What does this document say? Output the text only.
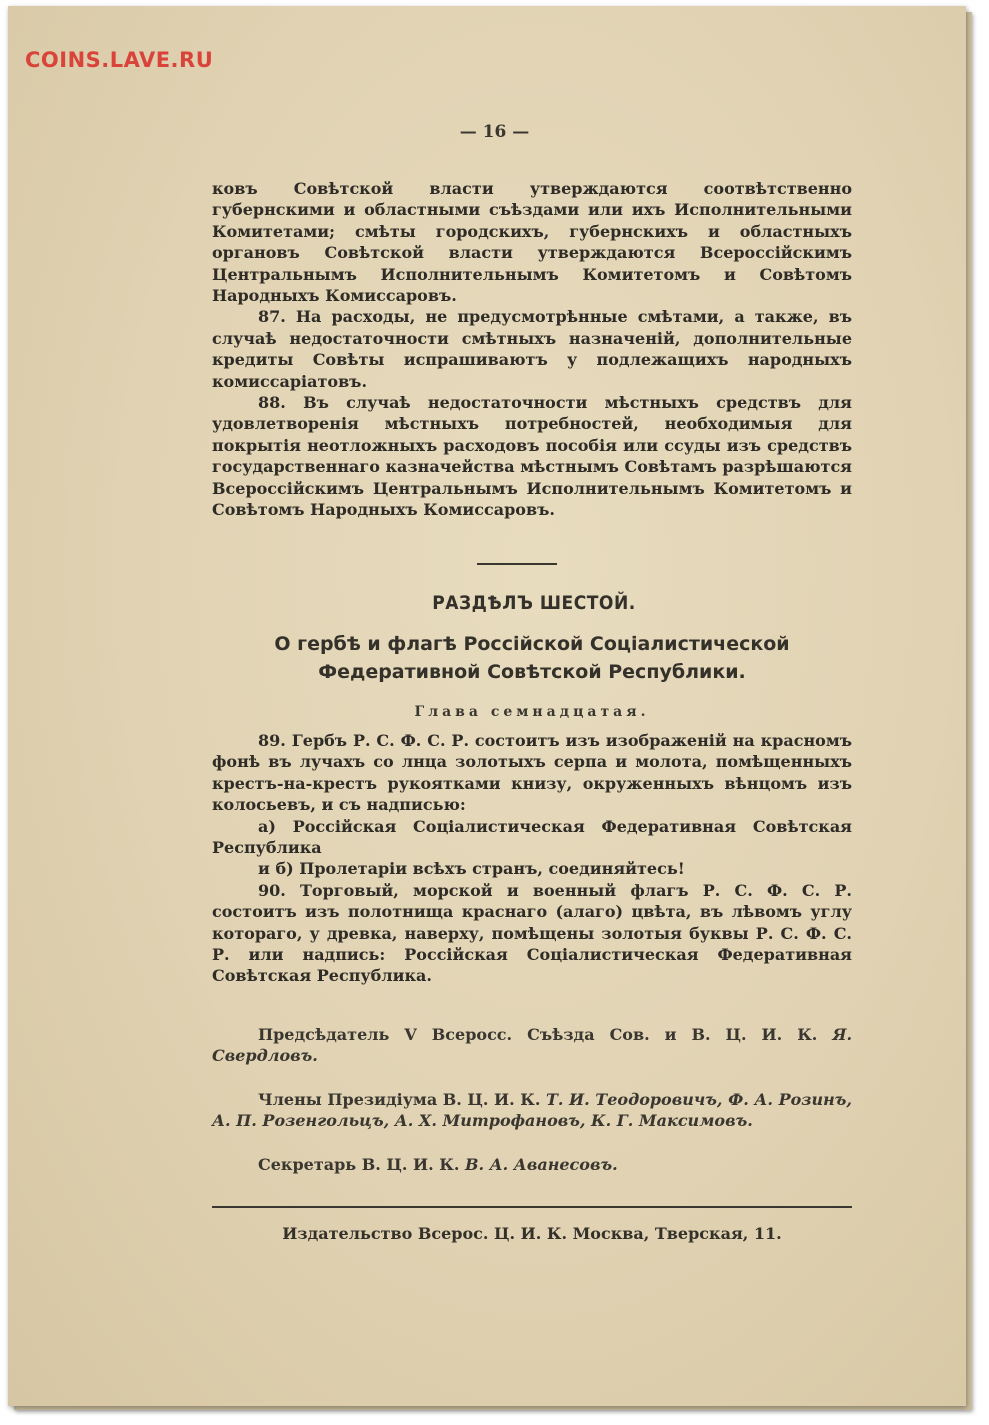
COINS.LAVE.RU
— 16 —

ковъ Совѣтской власти утверждаются соотвѣтственно губернскими и областными съѣздами или ихъ Исполнительными Комитетами; смѣты городскихъ, губернскихъ и областныхъ органовъ Совѣтской власти утверждаются Всероссійскимъ Центральнымъ Исполнительнымъ Комитетомъ и Совѣтомъ Народныхъ Комиссаровъ.

87. На расходы, не предусмотрѣнные смѣтами, а также, въ случаѣ недостаточности смѣтныхъ назначеній, дополнительные кредиты Совѣты испрашиваютъ у подлежащихъ народныхъ комиссаріатовъ.

88. Въ случаѣ недостаточности мѣстныхъ средствъ для удовлетворенія мѣстныхъ потребностей, необходимыя для покрытія неотложныхъ расходовъ пособія или ссуды изъ средствъ государственнаго казначейства мѣстнымъ Совѣтамъ разрѣшаются Всероссійскимъ Центральнымъ Исполнительнымъ Комитетомъ и Совѣтомъ Народныхъ Комиссаровъ.

РАЗДѢЛЪ ШЕСТОЙ.
О гербѣ и флагѣ Россійской Соціалистической Федеративной Совѣтской Республики.
Глава семнадцатая.

89. Гербъ Р. С. Ф. С. Р. состоитъ изъ изображеній на красномъ фонѣ въ лучахъ со лнца золотыхъ серпа и молота, помѣщенныхъ крестъ-на-крестъ рукоятками книзу, окруженныхъ вѣнцомъ изъ колосьевъ, и съ надписью:

а) Россійская Соціалистическая Федеративная Совѣтская Республика

и б) Пролетаріи всѣхъ странъ, соединяйтесь!

90. Торговый, морской и военный флагъ Р. С. Ф. С. Р. состоитъ изъ полотнища краснаго (алаго) цвѣта, въ лѣвомъ углу котораго, у древка, наверху, помѣщены золотыя буквы Р. С. Ф. С. Р. или надпись: Россійская Соціалистическая Федеративная Совѣтская Республика.

Предсѣдатель V Всеросс. Съѣзда Сов. и В. Ц. И. К. Я. Свердловъ.

Члены Президіума В. Ц. И. К. Т. И. Теодоровичъ, Ф. А. Розинъ, А. П. Розенгольцъ, А. Х. Митрофановъ, К. Г. Максимовъ.

Секретарь В. Ц. И. К. В. А. Аванесовъ.

Издательство Всерос. Ц. И. К. Москва, Тверская, 11.
